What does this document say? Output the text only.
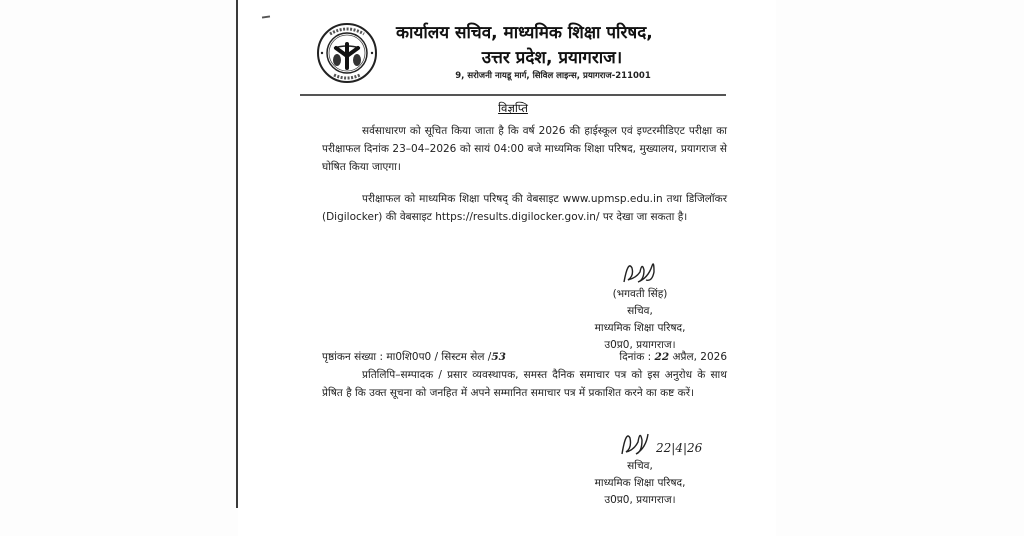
कार्यालय सचिव, माध्यमिक शिक्षा परिषद,
उत्तर प्रदेश, प्रयागराज।
9, सरोजनी नायडू मार्ग, सिविल लाइन्स, प्रयागराज-211001
विज्ञप्ति

सर्वसाधारण को सूचित किया जाता है कि वर्ष 2026 की हाईस्कूल एवं इण्टरमीडिएट परीक्षा का परीक्षाफल दिनांक 23–04–2026 को सायं 04:00 बजे माध्यमिक शिक्षा परिषद, मुख्यालय, प्रयागराज से घोषित किया जाएगा।

परीक्षाफल को माध्यमिक शिक्षा परिषद् की वेबसाइट www.upmsp.edu.in तथा डिजिलॉकर (Digilocker) की वेबसाइट https://results.digilocker.gov.in/ पर देखा जा सकता है।

(भगवती सिंह)
सचिव,
माध्यमिक शिक्षा परिषद,
उ0प्र0, प्रयागराज।
पृष्ठांकन संख्या : मा0शि0प0 / सिस्टम सेल /53	दिनांक : 22 अप्रैल, 2026

प्रतिलिपि–सम्पादक / प्रसार व्यवस्थापक, समस्त दैनिक समाचार पत्र को इस अनुरोध के साथ प्रेषित है कि उक्त सूचना को जनहित में अपने सम्मानित समाचार पत्र में प्रकाशित करने का कष्ट करें।

22|4|26
सचिव,
माध्यमिक शिक्षा परिषद,
उ0प्र0, प्रयागराज।
